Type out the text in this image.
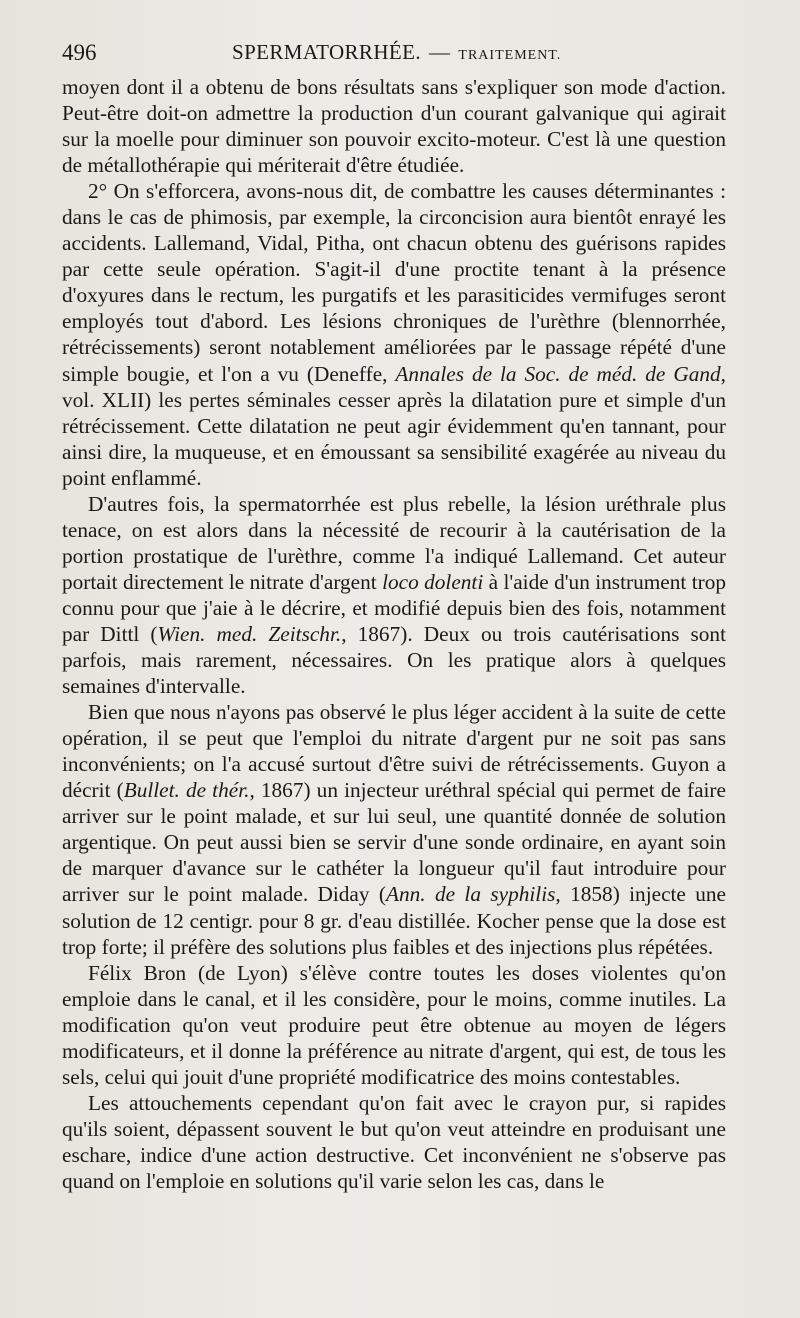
496	SPERMATORRHÉE. — TRAITEMENT.

moyen dont il a obtenu de bons résultats sans s'expliquer son mode d'action. Peut-être doit-on admettre la production d'un courant galvanique qui agirait sur la moelle pour diminuer son pouvoir excito-moteur. C'est là une question de métallothérapie qui mériterait d'être étudiée.

2° On s'efforcera, avons-nous dit, de combattre les causes déterminantes : dans le cas de phimosis, par exemple, la circoncision aura bientôt enrayé les accidents. Lallemand, Vidal, Pitha, ont chacun obtenu des guérisons rapides par cette seule opération. S'agit-il d'une proctite tenant à la présence d'oxyures dans le rectum, les purgatifs et les parasiticides vermifuges seront employés tout d'abord. Les lésions chroniques de l'urèthre (blennorrhée, rétrécissements) seront notablement améliorées par le passage répété d'une simple bougie, et l'on a vu (Deneffe, Annales de la Soc. de méd. de Gand, vol. XLII) les pertes séminales cesser après la dilatation pure et simple d'un rétrécissement. Cette dilatation ne peut agir évidemment qu'en tannant, pour ainsi dire, la muqueuse, et en émoussant sa sensibilité exagérée au niveau du point enflammé.

D'autres fois, la spermatorrhée est plus rebelle, la lésion uréthrale plus tenace, on est alors dans la nécessité de recourir à la cautérisation de la portion prostatique de l'urèthre, comme l'a indiqué Lallemand. Cet auteur portait directement le nitrate d'argent loco dolenti à l'aide d'un instrument trop connu pour que j'aie à le décrire, et modifié depuis bien des fois, notamment par Dittl (Wien. med. Zeitschr., 1867). Deux ou trois cautérisations sont parfois, mais rarement, nécessaires. On les pratique alors à quelques semaines d'intervalle.

Bien que nous n'ayons pas observé le plus léger accident à la suite de cette opération, il se peut que l'emploi du nitrate d'argent pur ne soit pas sans inconvénients; on l'a accusé surtout d'être suivi de rétrécissements. Guyon a décrit (Bullet. de thér., 1867) un injecteur uréthral spécial qui permet de faire arriver sur le point malade, et sur lui seul, une quantité donnée de solution argentique. On peut aussi bien se servir d'une sonde ordinaire, en ayant soin de marquer d'avance sur le cathéter la longueur qu'il faut introduire pour arriver sur le point malade. Diday (Ann. de la syphilis, 1858) injecte une solution de 12 centigr. pour 8 gr. d'eau distillée. Kocher pense que la dose est trop forte; il préfère des solutions plus faibles et des injections plus répétées.

Félix Bron (de Lyon) s'élève contre toutes les doses violentes qu'on emploie dans le canal, et il les considère, pour le moins, comme inutiles. La modification qu'on veut produire peut être obtenue au moyen de légers modificateurs, et il donne la préférence au nitrate d'argent, qui est, de tous les sels, celui qui jouit d'une propriété modificatrice des moins contestables.

Les attouchements cependant qu'on fait avec le crayon pur, si rapides qu'ils soient, dépassent souvent le but qu'on veut atteindre en produisant une eschare, indice d'une action destructive. Cet inconvénient ne s'observe pas quand on l'emploie en solutions qu'il varie selon les cas, dans le
